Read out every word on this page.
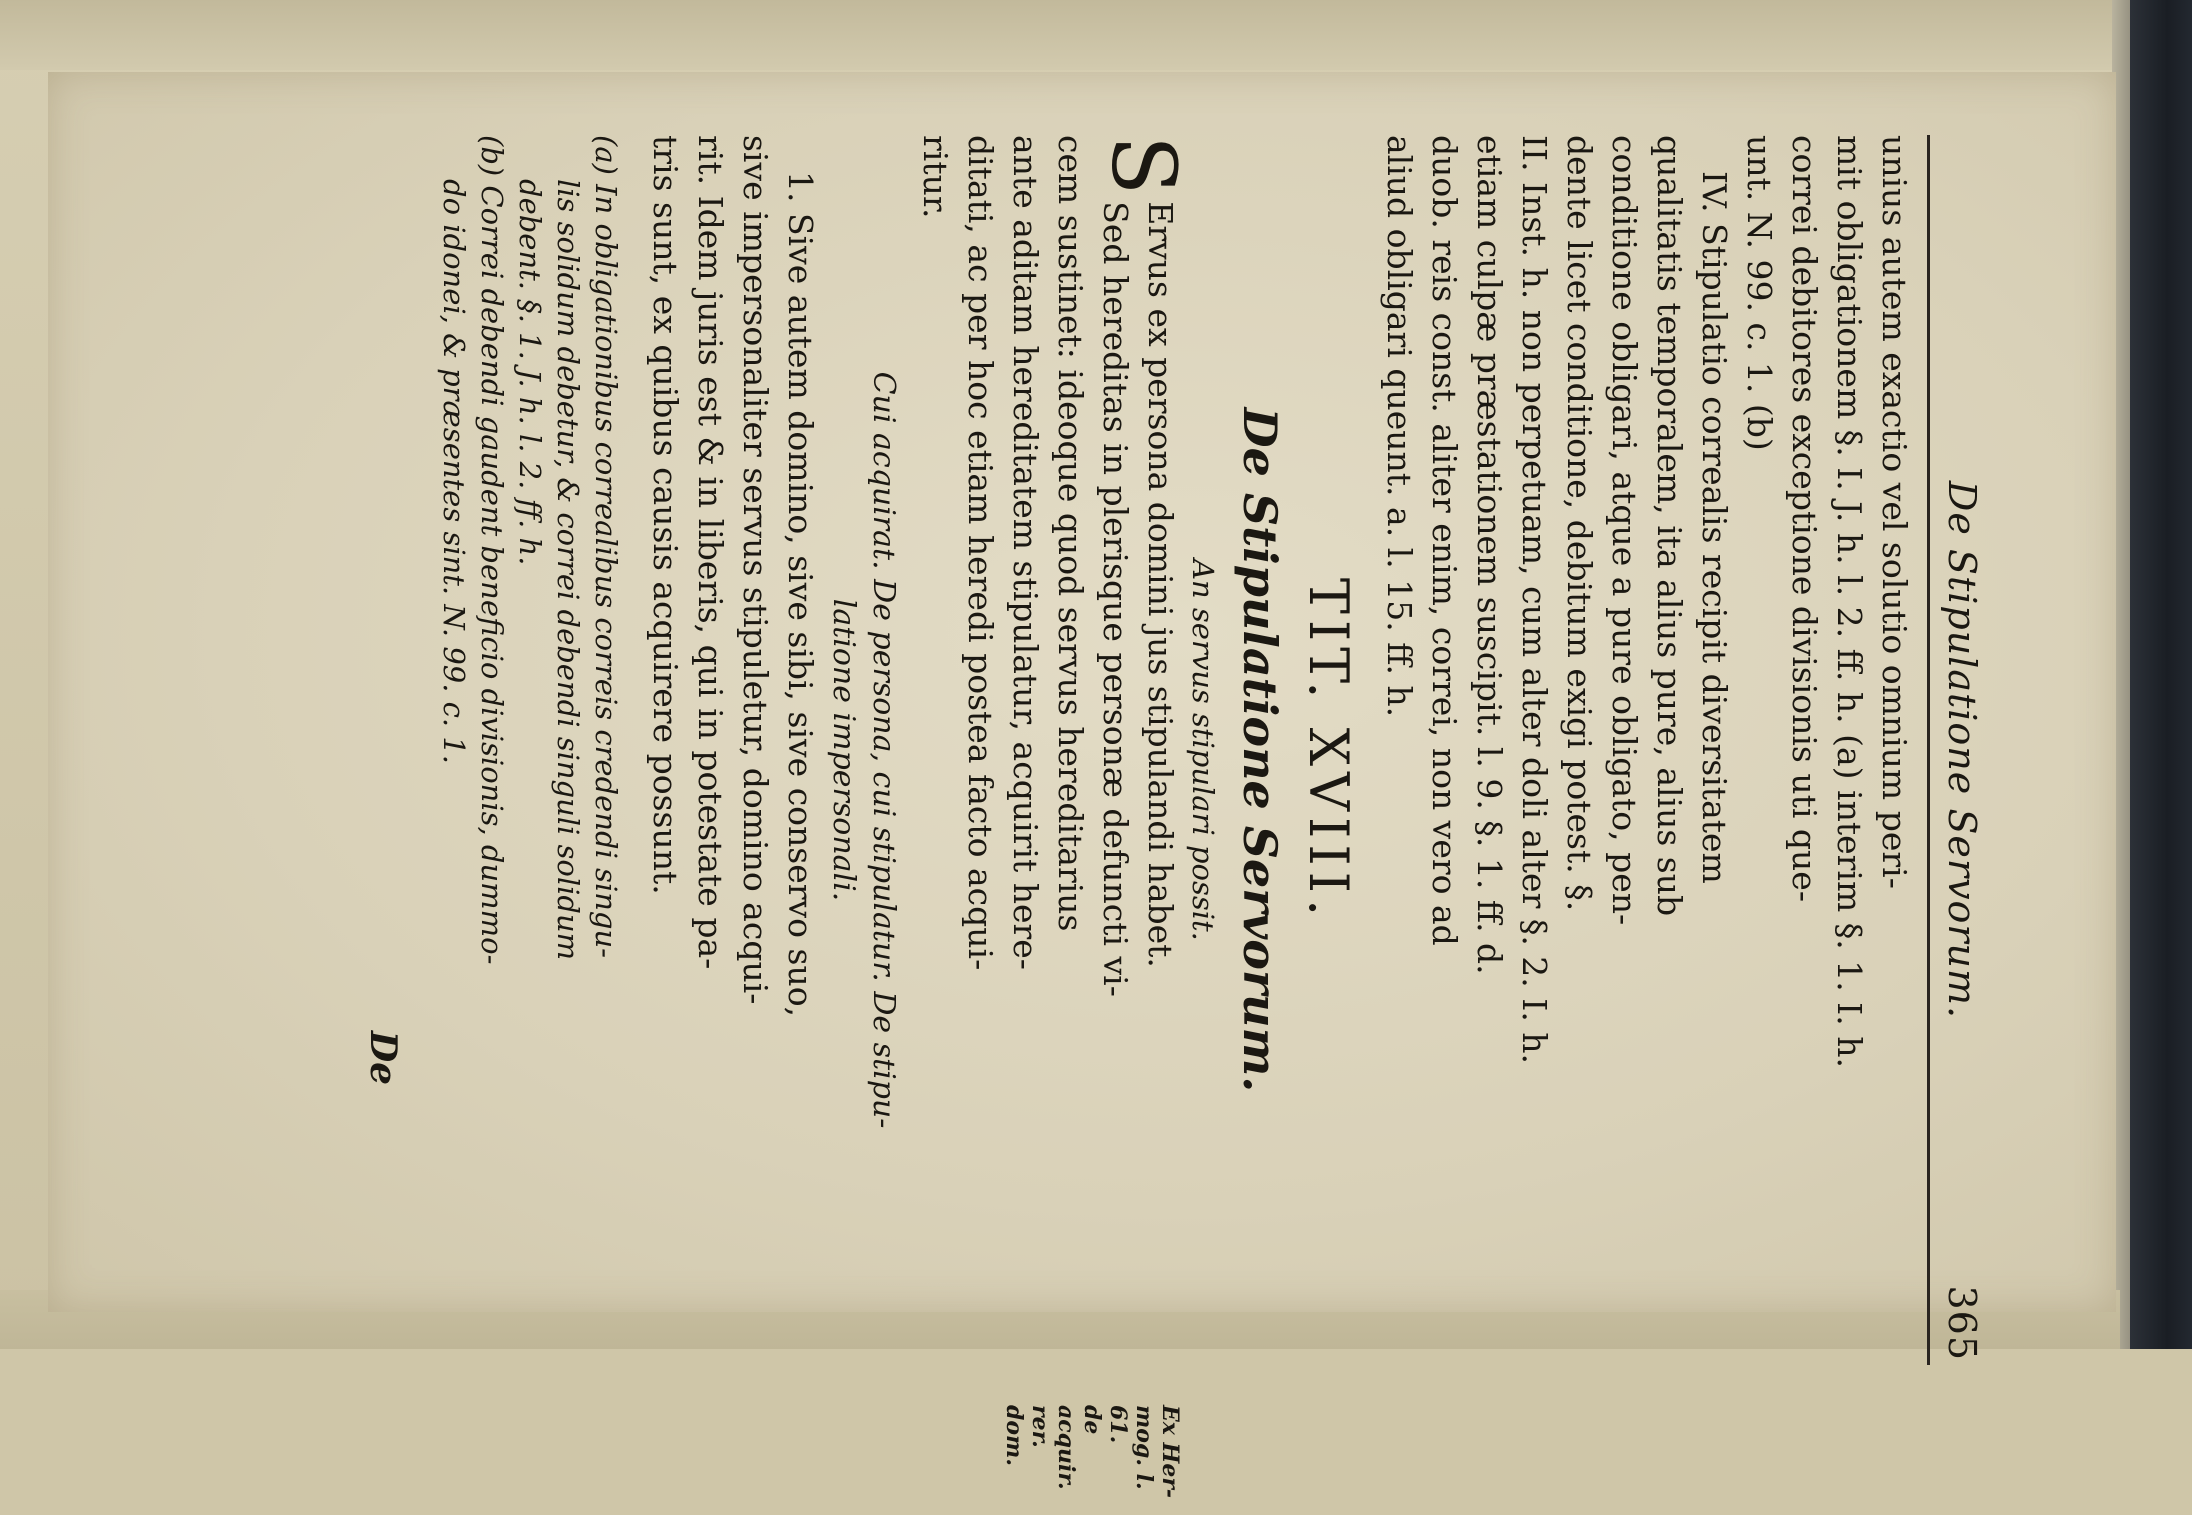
De Stipulatione Servorum.
365
unius autem exactio vel solutio omnium peri-
mit obligationem §. I. J. h. l. 2. ff. h. (a) interim §. 1. I. h.
correi debitores exceptione divisionis uti que-
unt. N. 99. c. 1. (b)
IV. Stipulatio correalis recipit diversitatem
qualitatis temporalem, ita alius pure, alius sub
conditione obligari, atque a pure obligato, pen-
dente licet conditione, debitum exigi potest. §.
II. Inst. h. non perpetuam, cum alter doli alter §. 2. I. h.
etiam culpæ præstationem suscipit. l. 9. §. 1. ff. d.
duob. reis const. aliter enim, correi, non vero ad
aliud obligari queunt. a. l. 15. ff. h.
TIT. XVIII.
De Stipulatione Servorum.
An servus stipulari possit.
S
Ervus ex persona domini jus stipulandi habet.
Sed hereditas in plerisque personæ defuncti vi-
cem sustinet: ideoque quod servus hereditarius
ante aditam hereditatem stipulatur, acquirit here-
ditati, ac per hoc etiam heredi postea facto acqui-
ritur.
Ex Her-
mog. l. 61.
de acquir.
rer. dom.
Cui acquirat. De persona, cui stipulatur. De stipu-
latione impersonali.
1. Sive autem domino, sive sibi, sive conservo suo,
sive impersonaliter servus stipuletur, domino acqui-
rit. Idem juris est & in liberis, qui in potestate pa-
tris sunt, ex quibus causis acquirere possunt.
(a) In obligationibus correalibus correis credendi singu-
lis solidum debetur, & correi debendi singuli solidum
debent. §. 1. J. h. l. 2. ff. h.
(b) Correi debendi gaudent beneficio divisionis, dummo-
do idonei, & præsentes sint. N. 99. c. 1.
De
